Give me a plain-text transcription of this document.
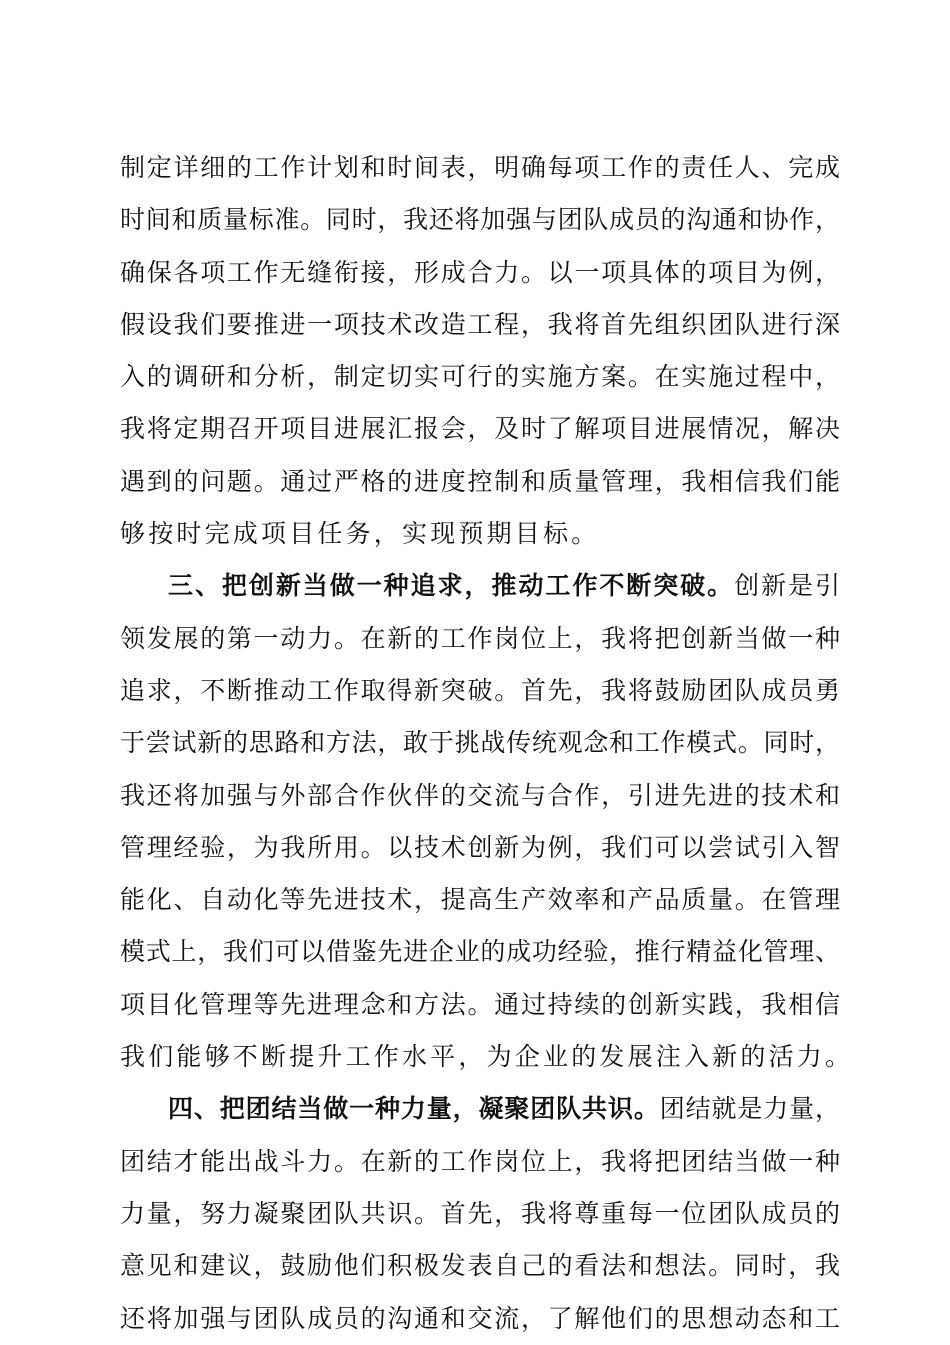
制定详细的工作计划和时间表，明确每项工作的责任人、完成
时间和质量标准。同时，我还将加强与团队成员的沟通和协作，
确保各项工作无缝衔接，形成合力。以一项具体的项目为例，
假设我们要推进一项技术改造工程，我将首先组织团队进行深
入的调研和分析，制定切实可行的实施方案。在实施过程中，
我将定期召开项目进展汇报会，及时了解项目进展情况，解决
遇到的问题。通过严格的进度控制和质量管理，我相信我们能
够按时完成项目任务，实现预期目标。
三、把创新当做一种追求，推动工作不断突破。创新是引
领发展的第一动力。在新的工作岗位上，我将把创新当做一种
追求，不断推动工作取得新突破。首先，我将鼓励团队成员勇
于尝试新的思路和方法，敢于挑战传统观念和工作模式。同时，
我还将加强与外部合作伙伴的交流与合作，引进先进的技术和
管理经验，为我所用。以技术创新为例，我们可以尝试引入智
能化、自动化等先进技术，提高生产效率和产品质量。在管理
模式上，我们可以借鉴先进企业的成功经验，推行精益化管理、
项目化管理等先进理念和方法。通过持续的创新实践，我相信
我们能够不断提升工作水平，为企业的发展注入新的活力。
四、把团结当做一种力量，凝聚团队共识。团结就是力量，
团结才能出战斗力。在新的工作岗位上，我将把团结当做一种
力量，努力凝聚团队共识。首先，我将尊重每一位团队成员的
意见和建议，鼓励他们积极发表自己的看法和想法。同时，我
还将加强与团队成员的沟通和交流，了解他们的思想动态和工
